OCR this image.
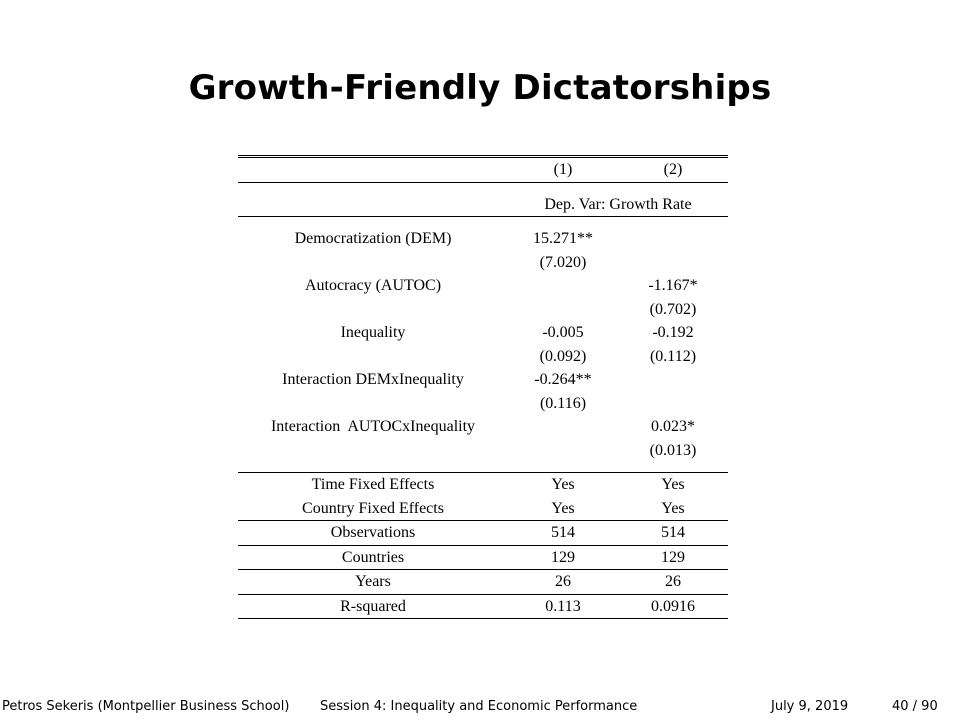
Growth-Friendly Dictatorships
	(1)	(2)

	Dep. Var: Growth Rate	

Democratization (DEM)	15.271**	
	(7.020)	
Autocracy (AUTOC)		-1.167*
		(0.702)
Inequality	-0.005	-0.192
	(0.092)	(0.112)
Interaction DEMxInequality	-0.264**	
	(0.116)	
Interaction  AUTOCxInequality		0.023*
		(0.013)

Time Fixed Effects	Yes	Yes
Country Fixed Effects	Yes	Yes
Observations	514	514
Countries	129	129
Years	26	26
R-squared	0.113	0.0916
Petros Sekeris (Montpellier Business School) Session 4: Inequality and Economic Performance	July 9, 2019	40 / 90
